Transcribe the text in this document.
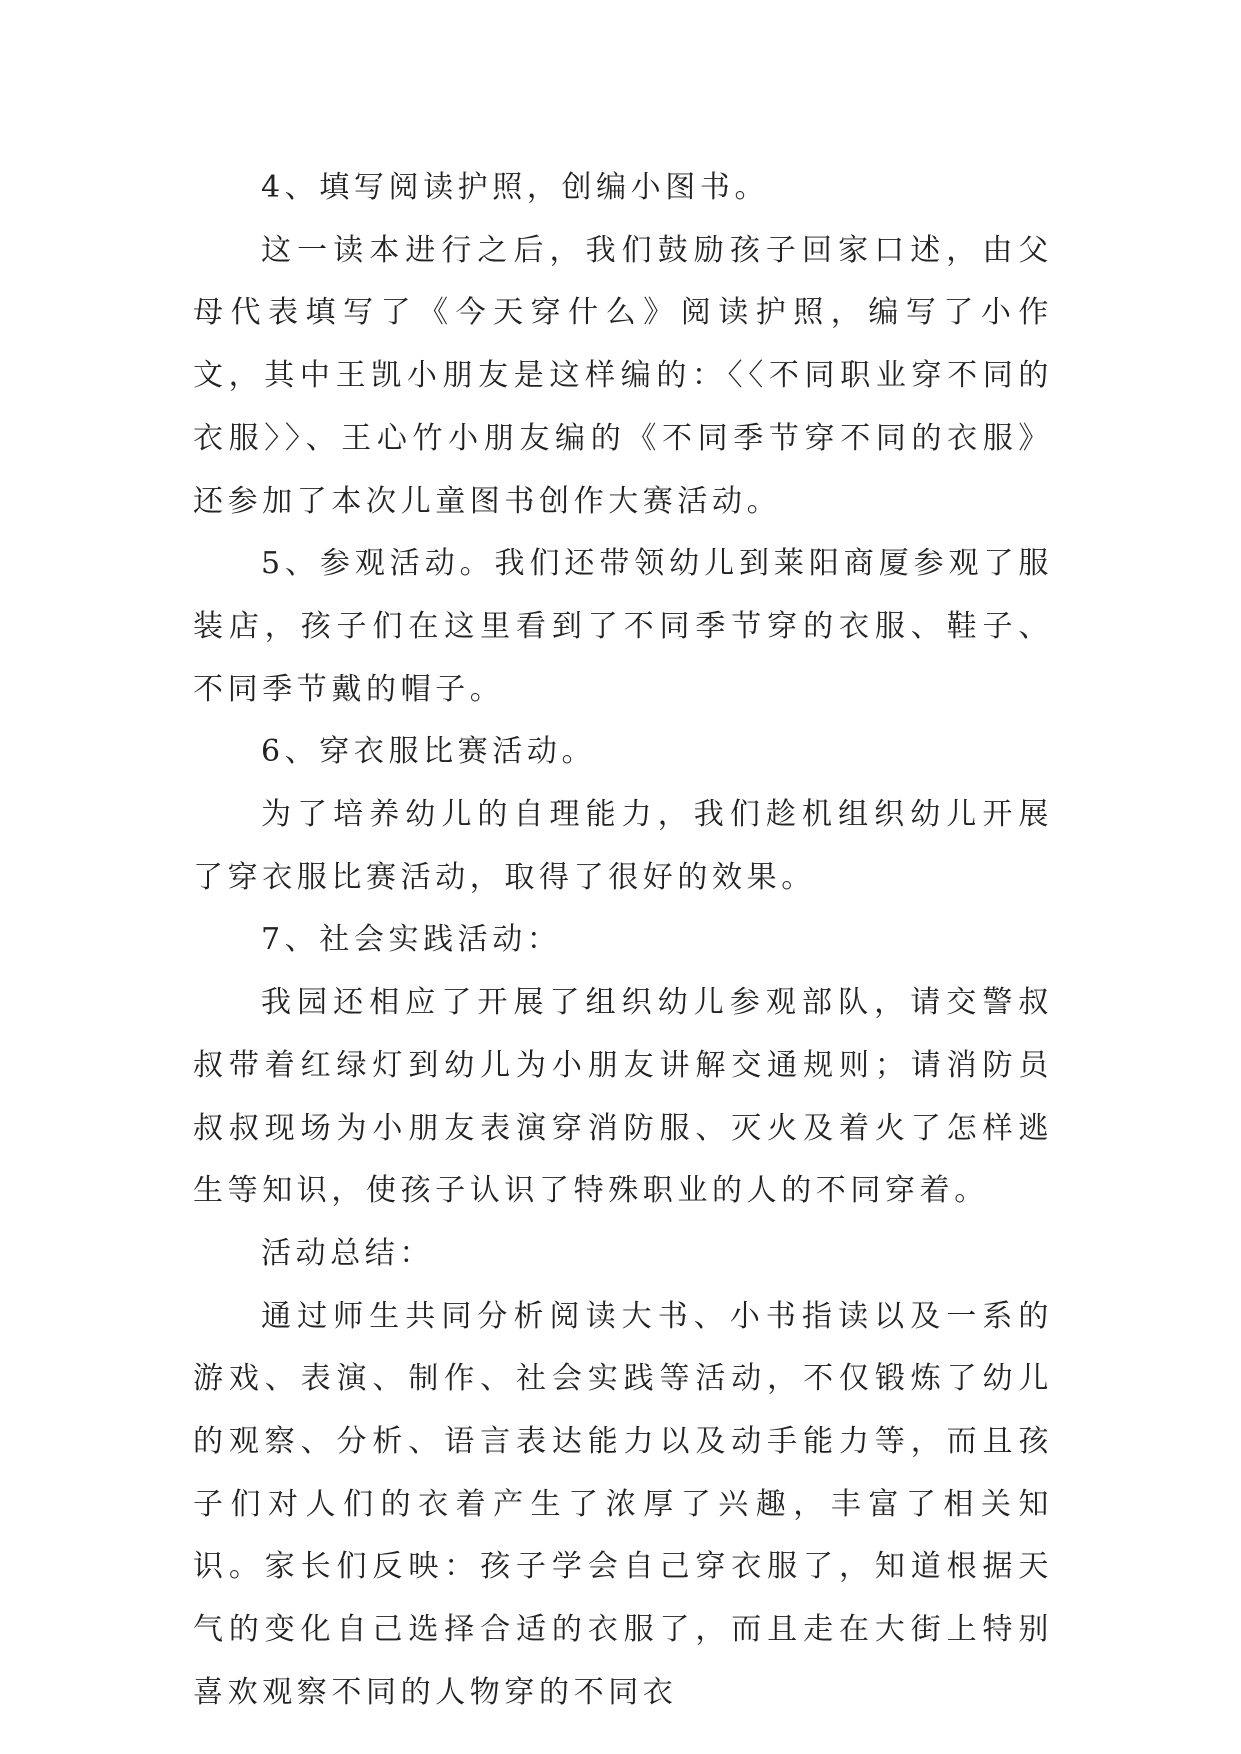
4、填写阅读护照，创编小图书。

这一读本进行之后，我们鼓励孩子回家口述，由父母代表填写了《今天穿什么》阅读护照，编写了小作文，其中王凯小朋友是这样编的：〈〈不同职业穿不同的衣服〉〉、王心竹小朋友编的《不同季节穿不同的衣服》还参加了本次儿童图书创作大赛活动。

5、参观活动。我们还带领幼儿到莱阳商厦参观了服装店，孩子们在这里看到了不同季节穿的衣服、鞋子、不同季节戴的帽子。

6、穿衣服比赛活动。

为了培养幼儿的自理能力，我们趁机组织幼儿开展了穿衣服比赛活动，取得了很好的效果。

7、社会实践活动：

我园还相应了开展了组织幼儿参观部队，请交警叔叔带着红绿灯到幼儿为小朋友讲解交通规则；请消防员叔叔现场为小朋友表演穿消防服、灭火及着火了怎样逃生等知识，使孩子认识了特殊职业的人的不同穿着。

活动总结：

通过师生共同分析阅读大书、小书指读以及一系的游戏、表演、制作、社会实践等活动，不仅锻炼了幼儿的观察、分析、语言表达能力以及动手能力等，而且孩子们对人们的衣着产生了浓厚了兴趣，丰富了相关知识。家长们反映：孩子学会自己穿衣服了，知道根据天气的变化自己选择合适的衣服了，而且走在大街上特别喜欢观察不同的人物穿的不同衣
